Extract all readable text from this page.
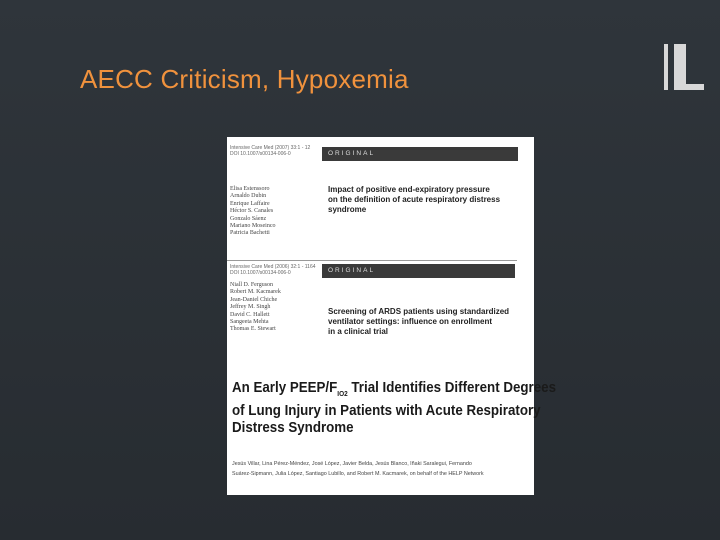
AECC Criticism, Hypoxemia
Intensive Care Med (2007) 33:1 - 12
DOI 10.1007/s00134-006-0	ORIGINAL
Elisa Estenssoro
Arnaldo Dubin
Enrique Laffaire
Héctor S. Canales
Gonzalo Sáenz
Mariano Moseinco
Patricia Bachetti
Impact of positive end-expiratory pressure
on the definition of acute respiratory distress
syndrome
Intensive Care Med (2006) 32:1 - 1164
DOI 10.1007/s00134-006-0	ORIGINAL
Niall D. Ferguson
Robert M. Kacmarek
Jean-Daniel Chiche
Jeffrey M. Singh
David C. Hallett
Sangeeta Mehta
Thomas E. Stewart
Screening of ARDS patients using standardized
ventilator settings: influence on enrollment
in a clinical trial
An Early PEEP/$F_{IO2}$ Trial Identifies Different Degrees
of Lung Injury in Patients with Acute Respiratory
Distress Syndrome
Jesús Villar, Lina Pérez-Méndez, José López, Javier Belda, Jesús Blanco, Iñaki Saralegui, Fernando
Suárez-Sipmann, Julia López, Santiago Lubillo, and Robert M. Kacmarek, on behalf of the HELP Network
